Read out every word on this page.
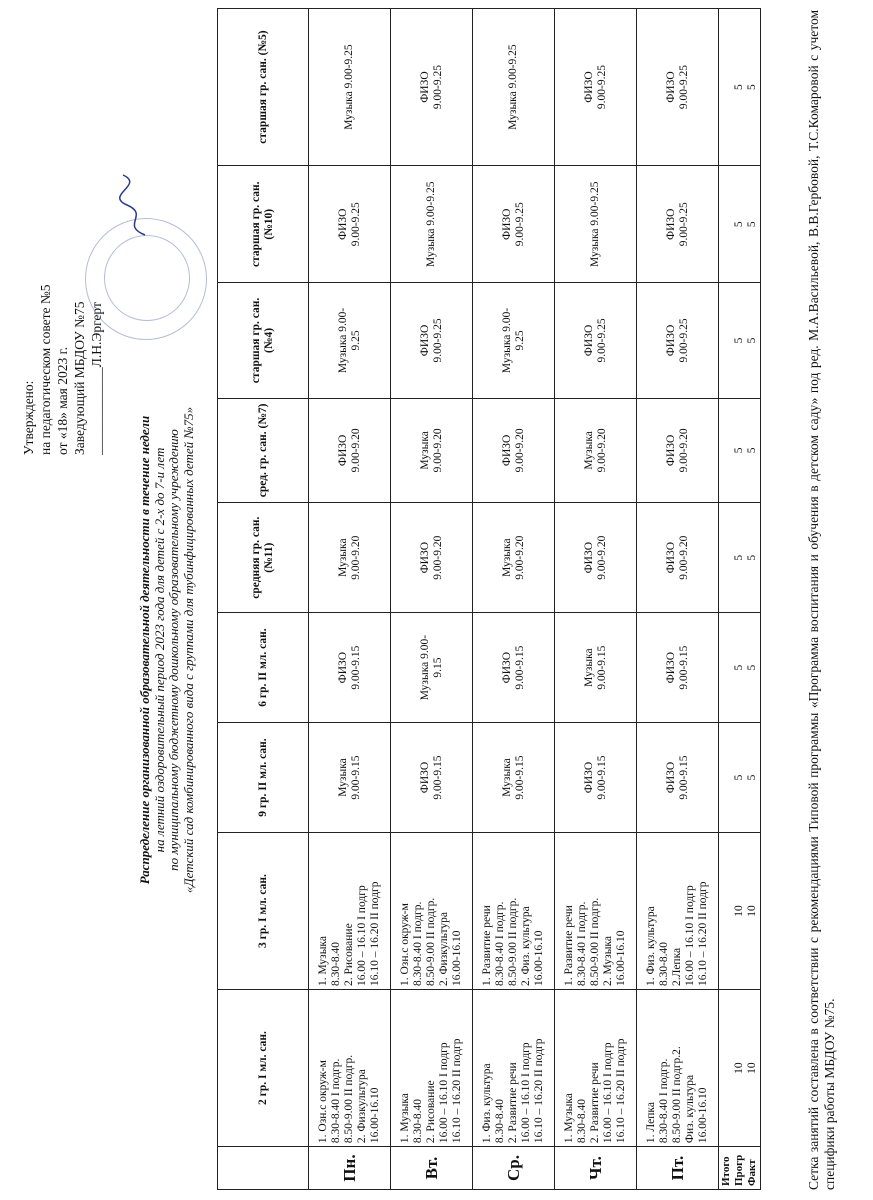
Утверждено: на педагогическом совете №5 от «18» мая 2023 г. Заведующий МБДОУ №75 _____________Л.Н.Эргерт
Распределение организованной образовательной деятельности в течение недели на летний оздоровительный период 2023 года для детей с 2-х до 7-и лет по муниципальному бюджетному дошкольному образовательному учреждению «Детский сад комбинированного вида с группами для тубинфицированных детей №75»
	2 гр. I мл. сан.	3 гр. I мл. сан.	9 гр. II мл. сан.	6 гр. II мл. сан.	средняя гр. сан. (№11)	сред. гр. сан. (№7)	старшая гр. сан. (№4)	старшая гр. сан. (№10)	старшая гр. сан. (№5)
Пн.	1. Озн.с окруж-м 8.30-8.40 I подгр. 8.50-9.00 II подгр. 2. Физкультура 16.00-16.10	1. Музыка 8.30-8.40 2. Рисование 16.00 – 16.10 I подгр 16.10 – 16.20 II подгр	Музыка 9.00-9.15	ФИЗО 9.00-9.15	Музыка 9.00-9.20	ФИЗО 9.00-9.20	Музыка 9.00- 9.25	ФИЗО 9.00-9.25	Музыка 9.00-9.25

Вт.	1. Музыка 8.30-8.40 2. Рисование 16.00 – 16.10 I подгр 16.10 – 16.20 II подгр	1. Озн.с окруж-м 8.30-8.40 I подгр. 8.50-9.00 II подгр. 2. Физкультура 16.00-16.10	ФИЗО 9.00-9.15	Музыка 9.00- 9.15	ФИЗО 9.00-9.20	Музыка 9.00-9.20	ФИЗО 9.00-9.25	Музыка 9.00-9.25	ФИЗО 9.00-9.25

Ср.	1. Физ. культура 8.30-8.40 2. Развитие речи 16.00 – 16.10 I подгр 16.10 – 16.20 II подгр	1. Развитие речи 8.30-8.40 I подгр. 8.50-9.00 II подгр. 2. Физ. культура 16.00-16.10	Музыка 9.00-9.15	ФИЗО 9.00-9.15	Музыка 9.00-9.20	ФИЗО 9.00-9.20	Музыка 9.00- 9.25	ФИЗО 9.00-9.25	Музыка 9.00-9.25

Чт.	1. Музыка 8.30-8.40 2. Развитие речи 16.00 – 16.10 I подгр 16.10 – 16.20 II подгр	1. Развитие речи 8.30-8.40 I подгр. 8.50-9.00 II подгр. 2. Музыка 16.00-16.10	ФИЗО 9.00-9.15	Музыка 9.00-9.15	ФИЗО 9.00-9.20	Музыка 9.00-9.20	ФИЗО 9.00-9.25	Музыка 9.00-9.25	ФИЗО 9.00-9.25

Пт.	1. Лепка 8.30-8.40 I подгр. 8.50-9.00 II подгр.2. Физ. культура 16.00-16.10	1. Физ. культура 8.30-8.40 2.Лепка 16.00 – 16.10 I подгр 16.10 – 16.20 II подгр	ФИЗО 9.00-9.15	ФИЗО 9.00-9.15	ФИЗО 9.00-9.20	ФИЗО 9.00-9.20	ФИЗО 9.00-9.25	ФИЗО 9.00-9.25	ФИЗО 9.00-9.25

Итого Прогр Факт	10 10	10 10	5 5	5 5	5 5	5 5	5 5	5 5	5 5	Сетка занятий составлена в соответствии с рекомендациями Типовой программы «Программа воспитания и обучения в детском саду» под ред. М.А.Васильевой, В.В.Гербовой, Т.С.Комаровой с учетом специфики работы МБДОУ №75.
